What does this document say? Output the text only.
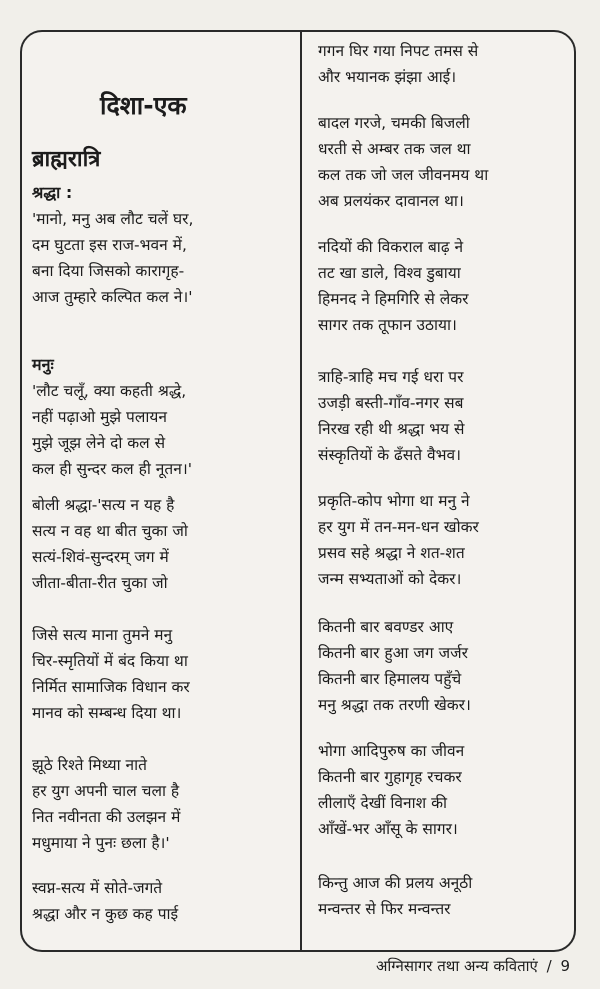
दिशा-एक
ब्राह्मरात्रि
श्रद्धा :
'मानो, मनु अब लौट चलें घर,
दम घुटता इस राज-भवन में,
बना दिया जिसको कारागृह-
आज तुम्हारे कल्पित कल ने।'
मनुः
'लौट चलूँ, क्या कहती श्रद्धे,
नहीं पढ़ाओ मुझे पलायन
मुझे जूझ लेने दो कल से
कल ही सुन्दर कल ही नूतन।'
बोली श्रद्धा-'सत्य न यह है
सत्य न वह था बीत चुका जो
सत्यं-शिवं-सुन्दरम् जग में
जीता-बीता-रीत चुका जो
जिसे सत्य माना तुमने मनु
चिर-स्मृतियों में बंद किया था
निर्मित सामाजिक विधान कर
मानव को सम्बन्ध दिया था।
झूठे रिश्ते मिथ्या नाते
हर युग अपनी चाल चला है
नित नवीनता की उलझन में
मधुमाया ने पुनः छला है।'
स्वप्न-सत्य में सोते-जगते
श्रद्धा और न कुछ कह पाई
गगन घिर गया निपट तमस से
और भयानक झंझा आई।
बादल गरजे, चमकी बिजली
धरती से अम्बर तक जल था
कल तक जो जल जीवनमय था
अब प्रलयंकर दावानल था।
नदियों की विकराल बाढ़ ने
तट खा डाले, विश्व डुबाया
हिमनद ने हिमगिरि से लेकर
सागर तक तूफान उठाया।
त्राहि-त्राहि मच गई धरा पर
उजड़ी बस्ती-गाँव-नगर सब
निरख रही थी श्रद्धा भय से
संस्कृतियों के ढँसते वैभव।
प्रकृति-कोप भोगा था मनु ने
हर युग में तन-मन-धन खोकर
प्रसव सहे श्रद्धा ने शत-शत
जन्म सभ्यताओं को देकर।
कितनी बार बवण्डर आए
कितनी बार हुआ जग जर्जर
कितनी बार हिमालय पहुँचे
मनु श्रद्धा तक तरणी खेकर।
भोगा आदिपुरुष का जीवन
कितनी बार गुहागृह रचकर
लीलाएँ देखीं विनाश की
आँखें-भर आँसू के सागर।
किन्तु आज की प्रलय अनूठी
मन्वन्तर से फिर मन्वन्तर
अग्निसागर तथा अन्य कविताएं / 9
